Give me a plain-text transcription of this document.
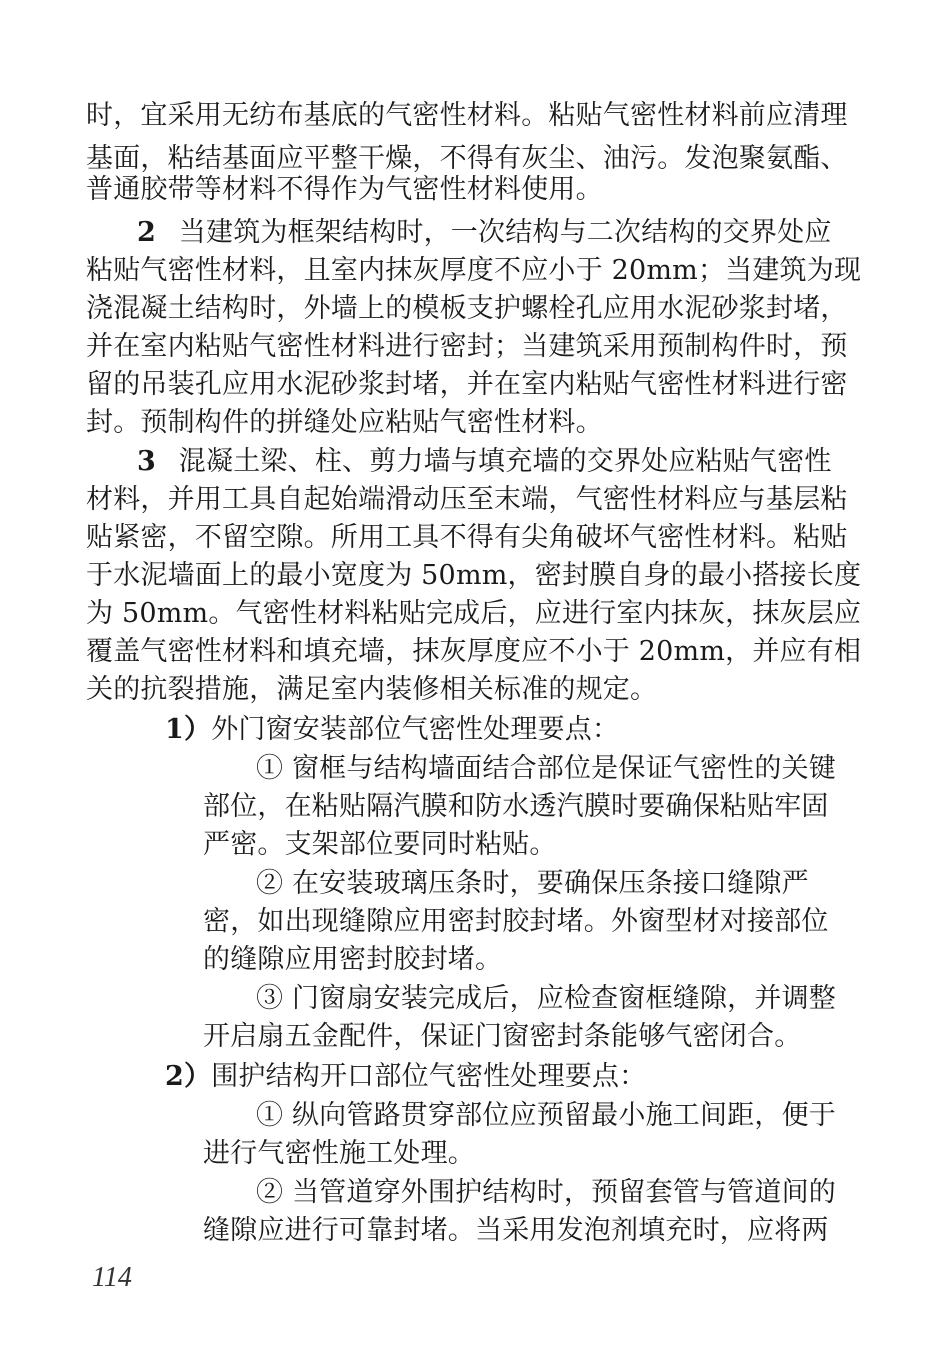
时，宜采用无纺布基底的气密性材料。粘贴气密性材料前应清理
基面，粘结基面应平整干燥，不得有灰尘、油污。发泡聚氨酯、
普通胶带等材料不得作为气密性材料使用。
2 当建筑为框架结构时，一次结构与二次结构的交界处应
粘贴气密性材料，且室内抹灰厚度不应小于 20mm；当建筑为现
浇混凝土结构时，外墙上的模板支护螺栓孔应用水泥砂浆封堵，
并在室内粘贴气密性材料进行密封；当建筑采用预制构件时，预
留的吊装孔应用水泥砂浆封堵，并在室内粘贴气密性材料进行密
封。预制构件的拼缝处应粘贴气密性材料。
3 混凝土梁、柱、剪力墙与填充墙的交界处应粘贴气密性
材料，并用工具自起始端滑动压至末端，气密性材料应与基层粘
贴紧密，不留空隙。所用工具不得有尖角破坏气密性材料。粘贴
于水泥墙面上的最小宽度为 50mm，密封膜自身的最小搭接长度
为 50mm。气密性材料粘贴完成后，应进行室内抹灰，抹灰层应
覆盖气密性材料和填充墙，抹灰厚度应不小于 20mm，并应有相
关的抗裂措施，满足室内装修相关标准的规定。
1）外门窗安装部位气密性处理要点：
① 窗框与结构墙面结合部位是保证气密性的关键
部位，在粘贴隔汽膜和防水透汽膜时要确保粘贴牢固
严密。支架部位要同时粘贴。
② 在安装玻璃压条时，要确保压条接口缝隙严
密，如出现缝隙应用密封胶封堵。外窗型材对接部位
的缝隙应用密封胶封堵。
③ 门窗扇安装完成后，应检查窗框缝隙，并调整
开启扇五金配件，保证门窗密封条能够气密闭合。
2）围护结构开口部位气密性处理要点：
① 纵向管路贯穿部位应预留最小施工间距，便于
进行气密性施工处理。
② 当管道穿外围护结构时，预留套管与管道间的
缝隙应进行可靠封堵。当采用发泡剂填充时，应将两
114
